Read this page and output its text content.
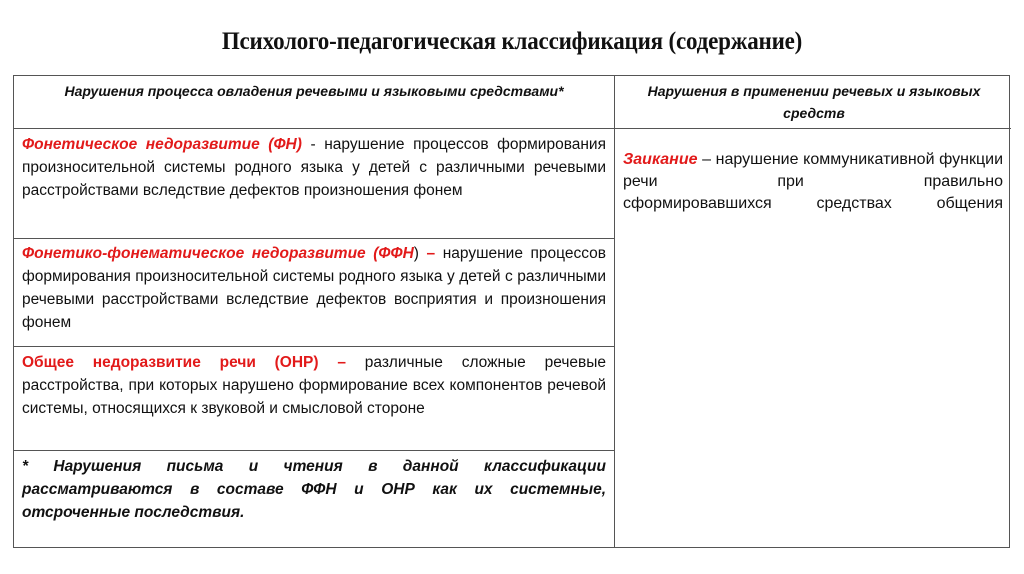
Психолого-педагогическая классификация (содержание)
Нарушения процесса овладения речевыми и языковыми средствами*	Нарушения в применении речевых и языковых средств
Фонетическое недоразвитие (ФН) - нарушение процессов формирования произносительной системы родного языка у детей с различными речевыми расстройствами вследствие дефектов произношения фонем
Фонетико-фонематическое недоразвитие (ФФН) – нарушение процессов формирования произносительной системы родного языка у детей с различными речевыми расстройствами вследствие дефектов восприятия и произношения фонем
Общее недоразвитие речи (ОНР) – различные сложные речевые расстройства, при которых нарушено формирование всех компонентов речевой системы, относящихся к звуковой и смысловой стороне
* Нарушения письма и чтения в данной классификации рассматриваются в составе ФФН и ОНР как их системные, отсроченные последствия.
Заикание – нарушение коммуникативной функции речи при правильно
сформировавшихся средствах общения
